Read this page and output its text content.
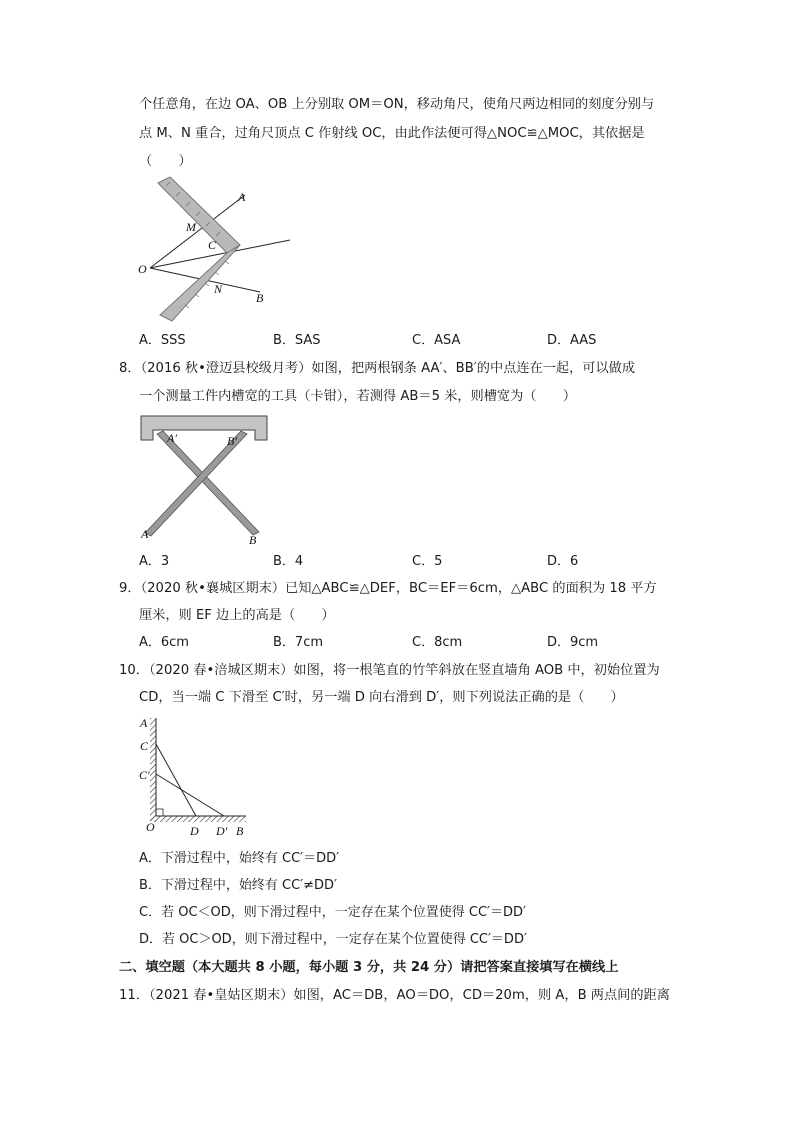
个任意角，在边 OA、OB 上分别取 OM＝ON，移动角尺，使角尺两边相同的刻度分别与
点 M、N 重合，过角尺顶点 C 作射线 OC，由此作法便可得△NOC≌△MOC，其依据是
（　　）
A
M
C
O
N
B
A．SSS	B．SAS	C．ASA	D．AAS
8．（2016 秋•澄迈县校级月考）如图，把两根钢条 AA′、BB′的中点连在一起，可以做成
一个测量工件内槽宽的工具（卡钳），若测得 AB＝5 米，则槽宽为（　　）
A′	B′
A	B
A．3	B．4	C．5	D．6
9．（2020 秋•襄城区期末）已知△ABC≌△DEF，BC＝EF＝6cm，△ABC 的面积为 18 平方
厘米，则 EF 边上的高是（　　）
A．6cm	B．7cm	C．8cm	D．9cm
10．（2020 春•涪城区期末）如图，将一根笔直的竹竿斜放在竖直墙角 AOB 中，初始位置为
CD，当一端 C 下滑至 C′时，另一端 D 向右滑到 D′，则下列说法正确的是（　　）
A
C
C′
O	D D′ B
A．下滑过程中，始终有 CC′＝DD′
B．下滑过程中，始终有 CC′≠DD′
C．若 OC＜OD，则下滑过程中，一定存在某个位置使得 CC′＝DD′
D．若 OC＞OD，则下滑过程中，一定存在某个位置使得 CC′＝DD′
二、填空题（本大题共 8 小题，每小题 3 分，共 24 分）请把答案直接填写在横线上
11．（2021 春•皇姑区期末）如图，AC＝DB，AO＝DO，CD＝20m，则 A，B 两点间的距离
